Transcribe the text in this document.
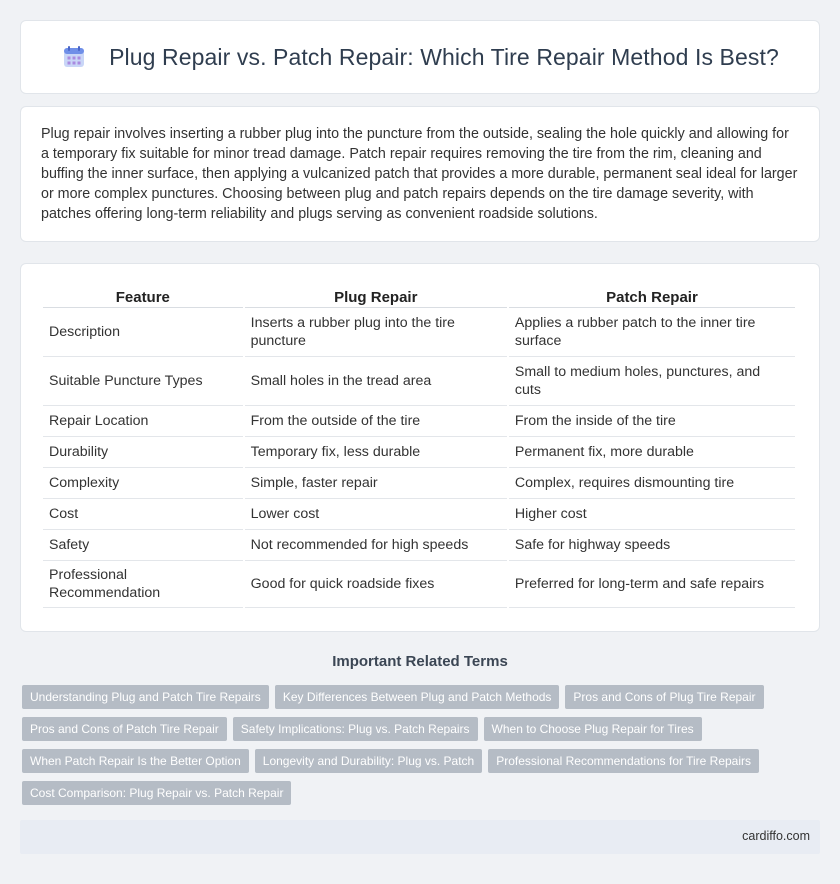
Plug Repair vs. Patch Repair: Which Tire Repair Method Is Best?

Plug repair involves inserting a rubber plug into the puncture from the outside, sealing the hole quickly and allowing for a temporary fix suitable for minor tread damage. Patch repair requires removing the tire from the rim, cleaning and buffing the inner surface, then applying a vulcanized patch that provides a more durable, permanent seal ideal for larger or more complex punctures. Choosing between plug and patch repairs depends on the tire damage severity, with patches offering long-term reliability and plugs serving as convenient roadside solutions.

Feature	Plug Repair	Patch Repair
Description	Inserts a rubber plug into the tire puncture	Applies a rubber patch to the inner tire surface
Suitable Puncture Types	Small holes in the tread area	Small to medium holes, punctures, and cuts
Repair Location	From the outside of the tire	From the inside of the tire
Durability	Temporary fix, less durable	Permanent fix, more durable
Complexity	Simple, faster repair	Complex, requires dismounting tire
Cost	Lower cost	Higher cost
Safety	Not recommended for high speeds	Safe for highway speeds
Professional Recommendation	Good for quick roadside fixes	Preferred for long-term and safe repairs
Important Related Terms
Understanding Plug and Patch Tire Repairs	Key Differences Between Plug and Patch Methods	Pros and Cons of Plug Tire Repair
Pros and Cons of Patch Tire Repair	Safety Implications: Plug vs. Patch Repairs	When to Choose Plug Repair for Tires
When Patch Repair Is the Better Option	Longevity and Durability: Plug vs. Patch	Professional Recommendations for Tire Repairs
Cost Comparison: Plug Repair vs. Patch Repair
cardiffo.com
